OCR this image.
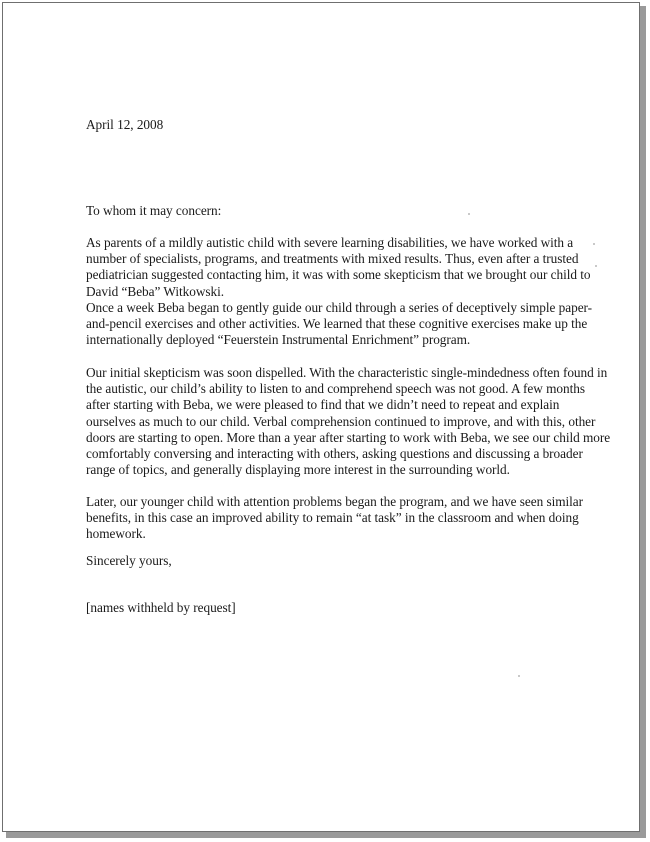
April 12, 2008
To whom it may concern:
As parents of a mildly autistic child with severe learning disabilities, we have worked with a number of specialists, programs, and treatments with mixed results. Thus, even after a trusted pediatrician suggested contacting him, it was with some skepticism that we brought our child to David “Beba” Witkowski.
Once a week Beba began to gently guide our child through a series of deceptively simple paper-and-pencil exercises and other activities. We learned that these cognitive exercises make up the internationally deployed “Feuerstein Instrumental Enrichment” program.
Our initial skepticism was soon dispelled. With the characteristic single-mindedness often found in the autistic, our child’s ability to listen to and comprehend speech was not good. A few months after starting with Beba, we were pleased to find that we didn’t need to repeat and explain ourselves as much to our child. Verbal comprehension continued to improve, and with this, other doors are starting to open. More than a year after starting to work with Beba, we see our child more comfortably conversing and interacting with others, asking questions and discussing a broader range of topics, and generally displaying more interest in the surrounding world.
Later, our younger child with attention problems began the program, and we have seen similar benefits, in this case an improved ability to remain “at task” in the classroom and when doing homework.
Sincerely yours,
[names withheld by request]
